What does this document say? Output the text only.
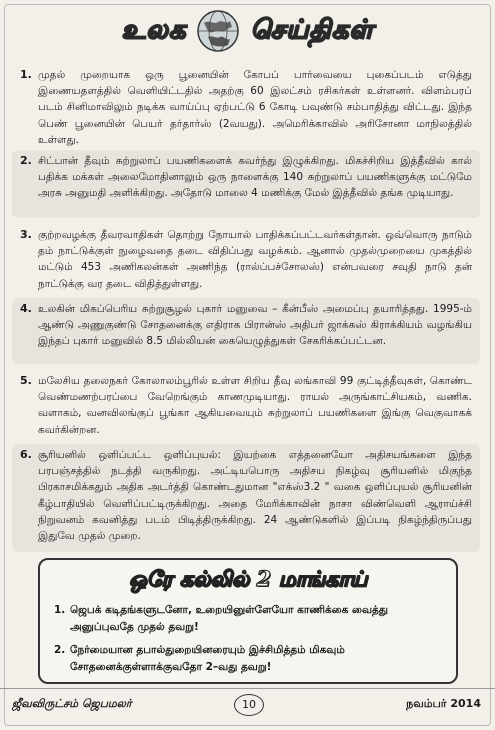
உலக செய்திகள்
1. முதல் முறையாக ஒரு பூனையின் கோபப் பார்வையை புகைப்படம் எடுத்து இணையதளத்தில் வெளியிட்டதில் அதற்கு 60 இலட்சம் ரசிகர்கள் உள்ளனர். விளம்பரப் படம் சினிமாவிலும் நடிக்க வாய்ப்பு ஏற்பட்டு 6 கோடி பவுண்டு சம்பாதித்து விட்டது. இந்த பெண் பூனையின் பெயர் தர்தார்ஸ் (2வயது). அமெரிக்காவில் அரிசோனா மாநிலத்தில் உள்ளது.
2. சிட்பான் தீவும் சுற்றுலாப் பயணிகளைக் கவர்ந்து இழுக்கிறது. மிகச்சிறிய இத்தீவில் கால் பதிக்க மக்கள் அலைமோதினாலும் ஒரு நாளைக்கு 140 சுற்றுலாப் பயணிகளுக்கு மட்டுமே அரசு அனுமதி அளிக்கிறது. அதோடு மாலை 4 மணிக்கு மேல் இத்தீவில் தங்க முடியாது.
3. குற்றவழக்கு தீவரவாதிகள் தொற்று நோயால் பாதிக்கப்பட்டவர்கள்தான். ஒவ்வொரு நாடும் தம் நாட்டுக்குள் நுழைவதை தடை விதிப்பது வழக்கம். ஆனால் முதல்முறையை முகத்தில் மட்டும் 453 அணிகலன்கள் அணிந்த (ரால்ப்பச்சோலஸ்) என்பவரை சவுதி நாடு தன் நாட்டுக்கு வர தடை விதித்துள்ளது.
4. உலகின் மிகப்பெரிய சுற்றுசூழல் புகார் மனுவை – கீன்பீஸ் அமைப்பு தயாரித்தது. 1995-ம் ஆண்டு அணுகுண்டு சோதனைக்கு எதிராக பிரான்ஸ் அதிபர் ஜாக்கஸ் கிராக்கியம் வழங்கிய இந்தப் புகார் மனுவில் 8.5 மில்லியன் கையெழுத்துகள் சேகரிக்கப்பட்டன.
5. மலேசிய தலைநகர் கோலாலம்பூரில் உள்ள சிறிய தீவு லங்காவி 99 குட்டித்தீவுகள், கொண்ட வெண்மணற்பரப்பை வேறெங்கும் காணமுடியாது. ராயல் அருங்காட்சியகம், வணிக. வளாகம், வனவிலங்குப் பூங்கா ஆகியவையும் சுற்றுலாப் பயணிகளை இங்கு வெகுவாகக் கவர்கின்றன.
6. சூரியனில் ஒளிப்பட்ட ஒளிப்புயல்: இயற்கை எத்தனையோ அதிசயங்களை இந்த பரபஞ்சத்தில் நடத்தி வருகிறது. அட்டியபொரு அதிசய நிகழ்வு சூரியனில் மிகுந்த பிரகாசமிக்கதும் அதிக அடர்த்தி கொண்டதுமான "எக்ஸ்3.2 " வகை ஒளிப்புயல் சூரியனின் கீழ்பாதியில் வெளிப்பட்டிருக்கிறது. அதை மேரிக்காவின் நாசா விண்வெளி ஆராய்ச்சி நிறுவனம் கவனித்து படம் பிடித்திருக்கிறது. 24 ஆண்டுகளில் இப்படி நிகழ்ந்திருப்பது இதுவே முதல் முறை.
ஒரே கல்லில் 2 மாங்காய்
1. ஜெபக் கடிதங்களுடனோ, உறையினுள்ளேயோ காணிக்கை வைத்து அனுப்புவதே முதல் தவறு!
2. நேர்மையான தபால்துறையினரையும் இச்சிமித்தம் மிகவும் சோதனைக்குள்ளாக்குவதோ 2–வது தவறு!
ஜீவவிருட்சம் ஜெபமலர்	10	நவம்பர் 2014
